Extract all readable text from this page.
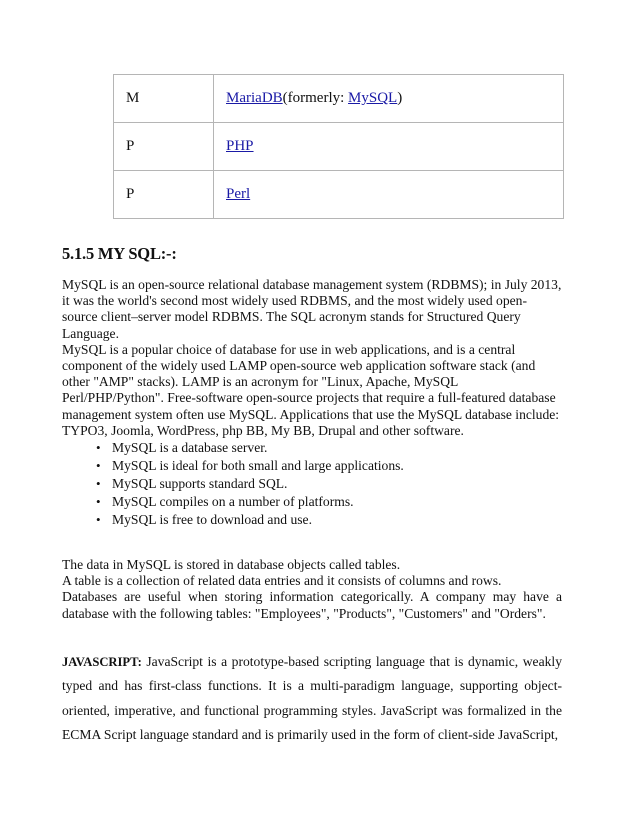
M	MariaDB(formerly: MySQL)
P	PHP
P	Perl
5.1.5 MY SQL:-:

MySQL is an open-source relational database management system (RDBMS); in July 2013, it was the world's second most widely used RDBMS, and the most widely used open-source client–server model RDBMS. The SQL acronym stands for Structured Query Language.

MySQL is a popular choice of database for use in web applications, and is a central component of the widely used LAMP open-source web application software stack (and other "AMP" stacks). LAMP is an acronym for "Linux, Apache, MySQL Perl/PHP/Python". Free-software open-source projects that require a full-featured database management system often use MySQL. Applications that use the MySQL database include: TYPO3, Joomla, WordPress, php BB, My BB, Drupal and other software.

• MySQL is a database server.
• MySQL is ideal for both small and large applications.
• MySQL supports standard SQL.
• MySQL compiles on a number of platforms.
• MySQL is free to download and use.

The data in MySQL is stored in database objects called tables.

A table is a collection of related data entries and it consists of columns and rows.

Databases are useful when storing information categorically. A company may have a database with the following tables: "Employees", "Products", "Customers" and "Orders".

JAVASCRIPT: JavaScript is a prototype-based scripting language that is dynamic, weakly typed and has first-class functions. It is a multi-paradigm language, supporting object-oriented, imperative, and functional programming styles. JavaScript was formalized in the ECMA Script language standard and is primarily used in the form of client-side JavaScript,
